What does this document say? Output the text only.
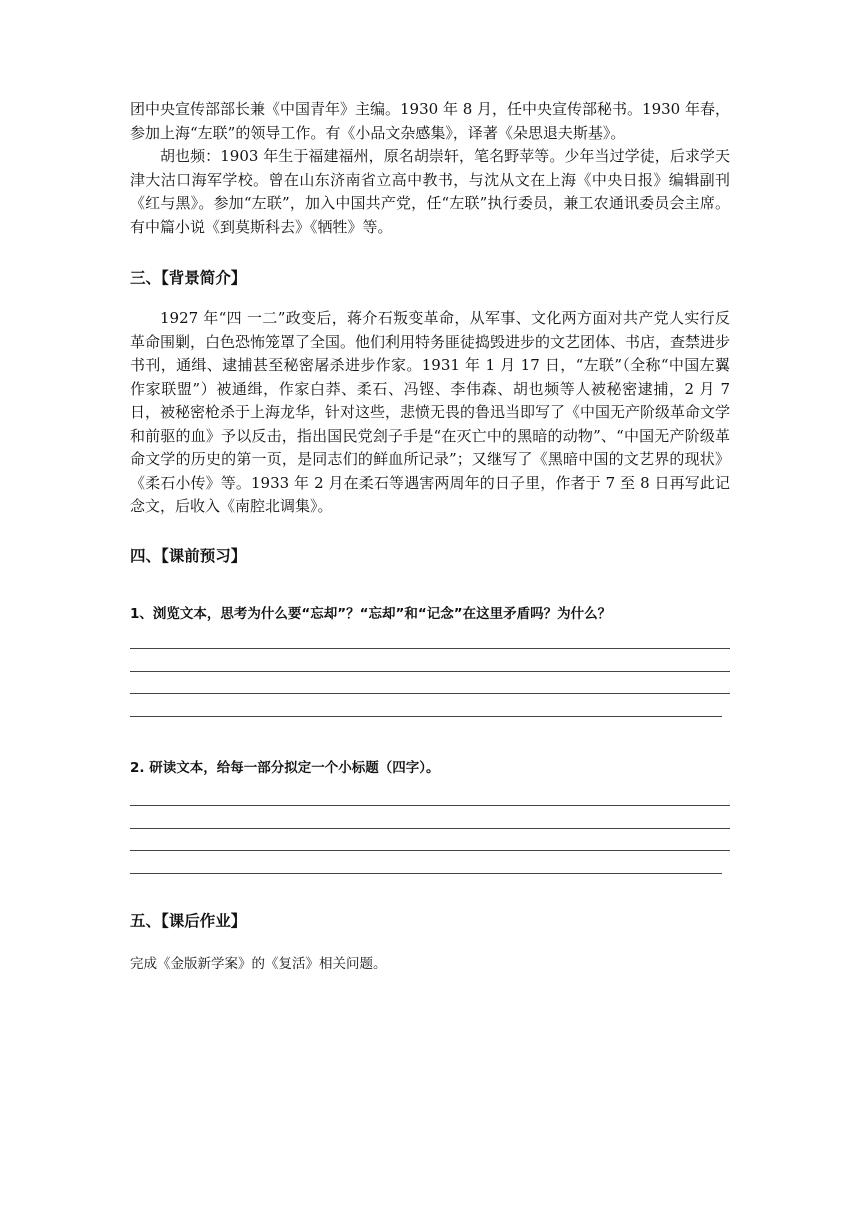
团中央宣传部部长兼《中国青年》主编。1930 年 8 月，任中央宣传部秘书。1930 年春，参加上海“左联”的领导工作。有《小品文杂感集》，译著《朵思退夫斯基》。

胡也频：1903 年生于福建福州，原名胡崇轩，笔名野苹等。少年当过学徒，后求学天津大沽口海军学校。曾在山东济南省立高中教书，与沈从文在上海《中央日报》编辑副刊《红与黑》。参加“左联”，加入中国共产党，任“左联”执行委员，兼工农通讯委员会主席。有中篇小说《到莫斯科去》《牺牲》等。

三、【背景简介】

1927 年“四 一二”政变后，蒋介石叛变革命，从军事、文化两方面对共产党人实行反革命围剿，白色恐怖笼罩了全国。他们利用特务匪徒捣毁进步的文艺团体、书店，查禁进步书刊，通缉、逮捕甚至秘密屠杀进步作家。1931 年 1 月 17 日，“左联”（全称“中国左翼作家联盟”）被通缉，作家白莽、柔石、冯铿、李伟森、胡也频等人被秘密逮捕，2 月 7 日，被秘密枪杀于上海龙华，针对这些，悲愤无畏的鲁迅当即写了《中国无产阶级革命文学和前驱的血》予以反击，指出国民党刽子手是“在灭亡中的黑暗的动物”、“中国无产阶级革命文学的历史的第一页，是同志们的鲜血所记录”；又继写了《黑暗中国的文艺界的现状》《柔石小传》等。1933 年 2 月在柔石等遇害两周年的日子里，作者于 7 至 8 日再写此记念文，后收入《南腔北调集》。

四、【课前预习】

1、浏览文本，思考为什么要“忘却”？“忘却”和“记念”在这里矛盾吗？为什么？

2. 研读文本，给每一部分拟定一个小标题（四字）。

五、【课后作业】

完成《金版新学案》的《复活》相关问题。
